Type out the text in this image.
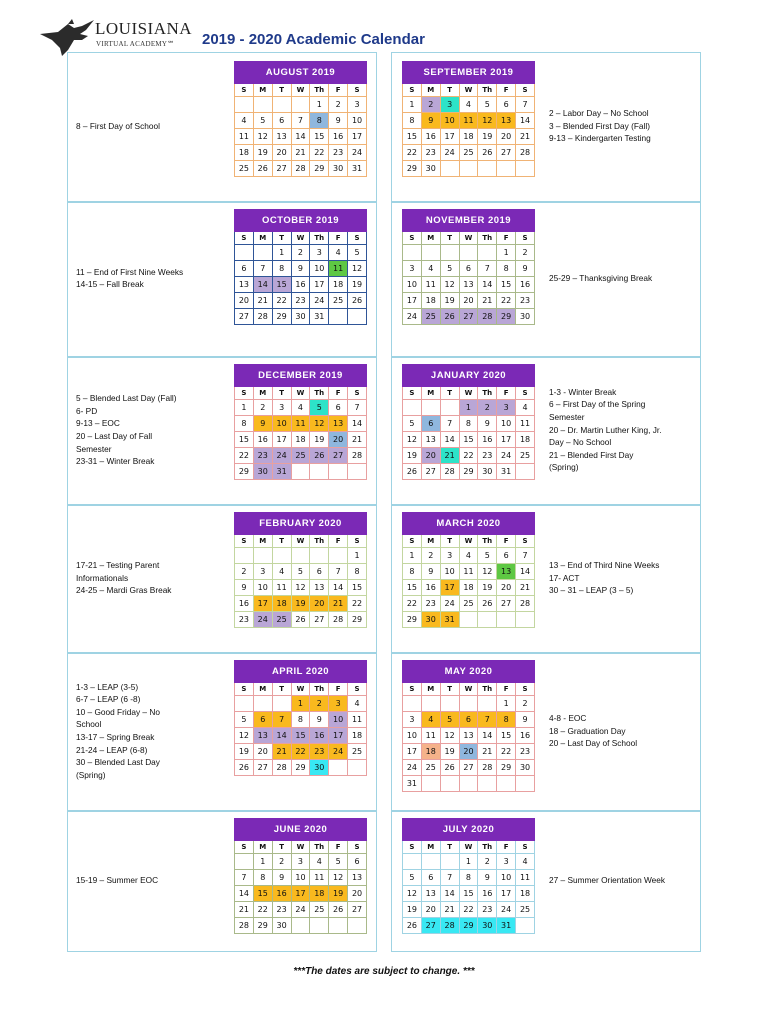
LOUISIANA
VIRTUAL ACADEMY℠ 2019 - 2020 Academic Calendar
AUGUST 2019						
S	M	T	W	Th	F	S
				1	2	3
4	5	6	7	8	9	10
11	12	13	14	15	16	17
18	19	20	21	22	23	24
25	26	27	28	29	30	31
8 – First Day of School
SEPTEMBER 2019						
S	M	T	W	Th	F	S
1	2	3	4	5	6	7
8	9	10	11	12	13	14
15	16	17	18	19	20	21
22	23	24	25	26	27	28
29	30					
2 – Labor Day – No School
3 – Blended First Day (Fall)
9-13 – Kindergarten Testing
OCTOBER 2019						
S	M	T	W	Th	F	S
		1	2	3	4	5
6	7	8	9	10	11	12
13	14	15	16	17	18	19
20	21	22	23	24	25	26
27	28	29	30	31		
11 – End of First Nine Weeks
14-15 – Fall Break
NOVEMBER 2019						
S	M	T	W	Th	F	S
					1	2
3	4	5	6	7	8	9
10	11	12	13	14	15	16
17	18	19	20	21	22	23
24	25	26	27	28	29	30
25-29 – Thanksgiving Break
DECEMBER 2019						
S	M	T	W	Th	F	S
1	2	3	4	5	6	7
8	9	10	11	12	13	14
15	16	17	18	19	20	21
22	23	24	25	26	27	28
29	30	31				
5 – Blended Last Day (Fall)
6- PD
9-13 – EOC
20 – Last Day of Fall
Semester
23-31 – Winter Break
JANUARY 2020						
S	M	T	W	Th	F	S
			1	2	3	4
5	6	7	8	9	10	11
12	13	14	15	16	17	18
19	20	21	22	23	24	25
26	27	28	29	30	31	
1-3 - Winter Break
6 – First Day of the Spring
Semester
20 – Dr. Martin Luther King, Jr.
Day – No School
21 – Blended First Day
(Spring)
FEBRUARY 2020						
S	M	T	W	Th	F	S
						1
2	3	4	5	6	7	8
9	10	11	12	13	14	15
16	17	18	19	20	21	22
23	24	25	26	27	28	29
17-21 – Testing Parent
Informationals
24-25 – Mardi Gras Break
MARCH 2020						
S	M	T	W	Th	F	S
1	2	3	4	5	6	7
8	9	10	11	12	13	14
15	16	17	18	19	20	21
22	23	24	25	26	27	28
29	30	31				
13 – End of Third Nine Weeks
17- ACT
30 – 31 – LEAP (3 – 5)
APRIL 2020						
S	M	T	W	Th	F	S
			1	2	3	4
5	6	7	8	9	10	11
12	13	14	15	16	17	18
19	20	21	22	23	24	25
26	27	28	29	30		
1-3 – LEAP (3-5)
6-7 – LEAP (6 -8)
10 – Good Friday – No
School
13-17 – Spring Break
21-24 – LEAP (6-8)
30 – Blended Last Day
(Spring)
MAY 2020						
S	M	T	W	Th	F	S
					1	2
3	4	5	6	7	8	9
10	11	12	13	14	15	16
17	18	19	20	21	22	23
24	25	26	27	28	29	30
31						
4-8 - EOC
18 – Graduation Day
20 – Last Day of School
JUNE 2020						
S	M	T	W	Th	F	S
	1	2	3	4	5	6
7	8	9	10	11	12	13
14	15	16	17	18	19	20
21	22	23	24	25	26	27
28	29	30				
15-19 – Summer EOC
JULY 2020						
S	M	T	W	Th	F	S
			1	2	3	4
5	6	7	8	9	10	11
12	13	14	15	16	17	18
19	20	21	22	23	24	25
26	27	28	29	30	31	
27 – Summer Orientation Week
***The dates are subject to change. ***
